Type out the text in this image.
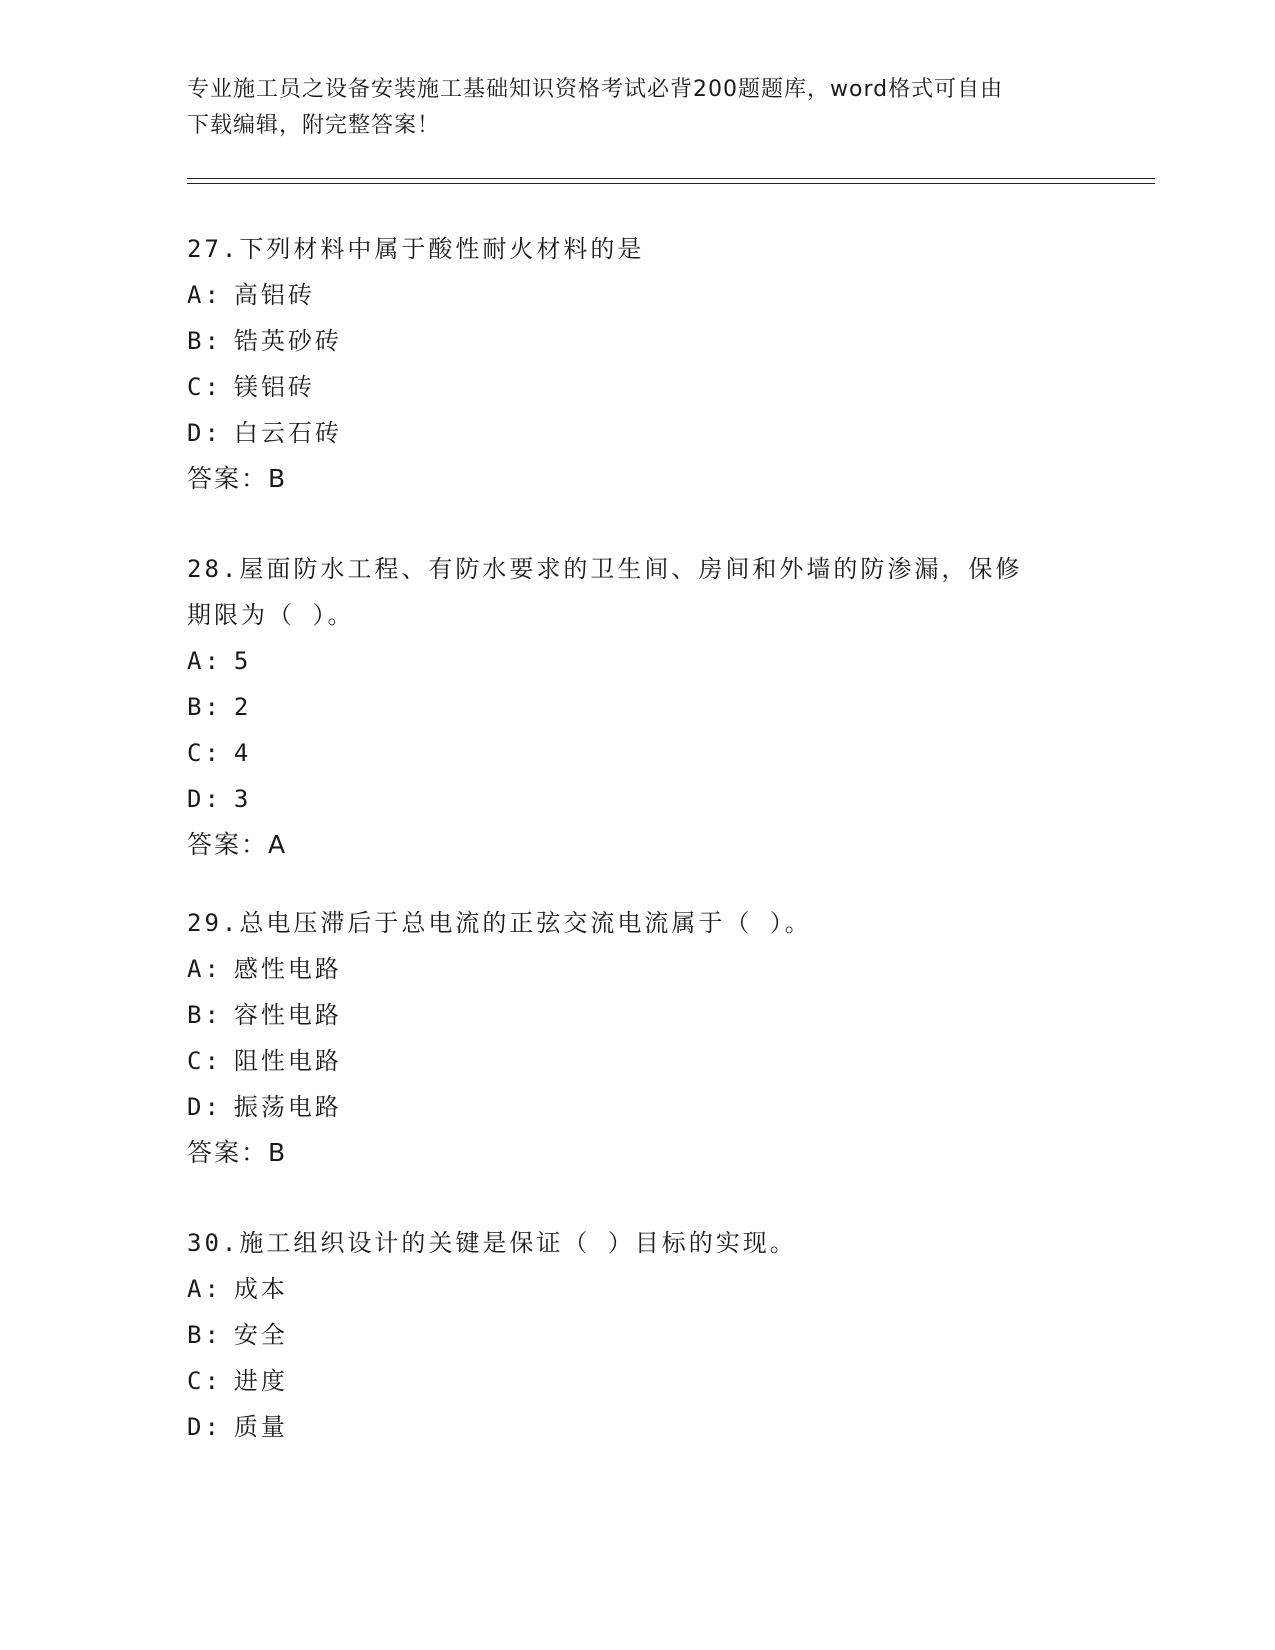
专业施工员之设备安装施工基础知识资格考试必背200题题库，word格式可自由
下载编辑，附完整答案！

27.下列材料中属于酸性耐火材料的是

A: 高铝砖

B: 锆英砂砖

C: 镁铝砖

D: 白云石砖

答案：B

28.屋面防水工程、有防水要求的卫生间、房间和外墙的防渗漏，保修

期限为（ ）。

A: 5

B: 2

C: 4

D: 3

答案：A

29.总电压滞后于总电流的正弦交流电流属于（ ）。

A: 感性电路

B: 容性电路

C: 阻性电路

D: 振荡电路

答案：B

30.施工组织设计的关键是保证（ ）目标的实现。

A: 成本

B: 安全

C: 进度

D: 质量
